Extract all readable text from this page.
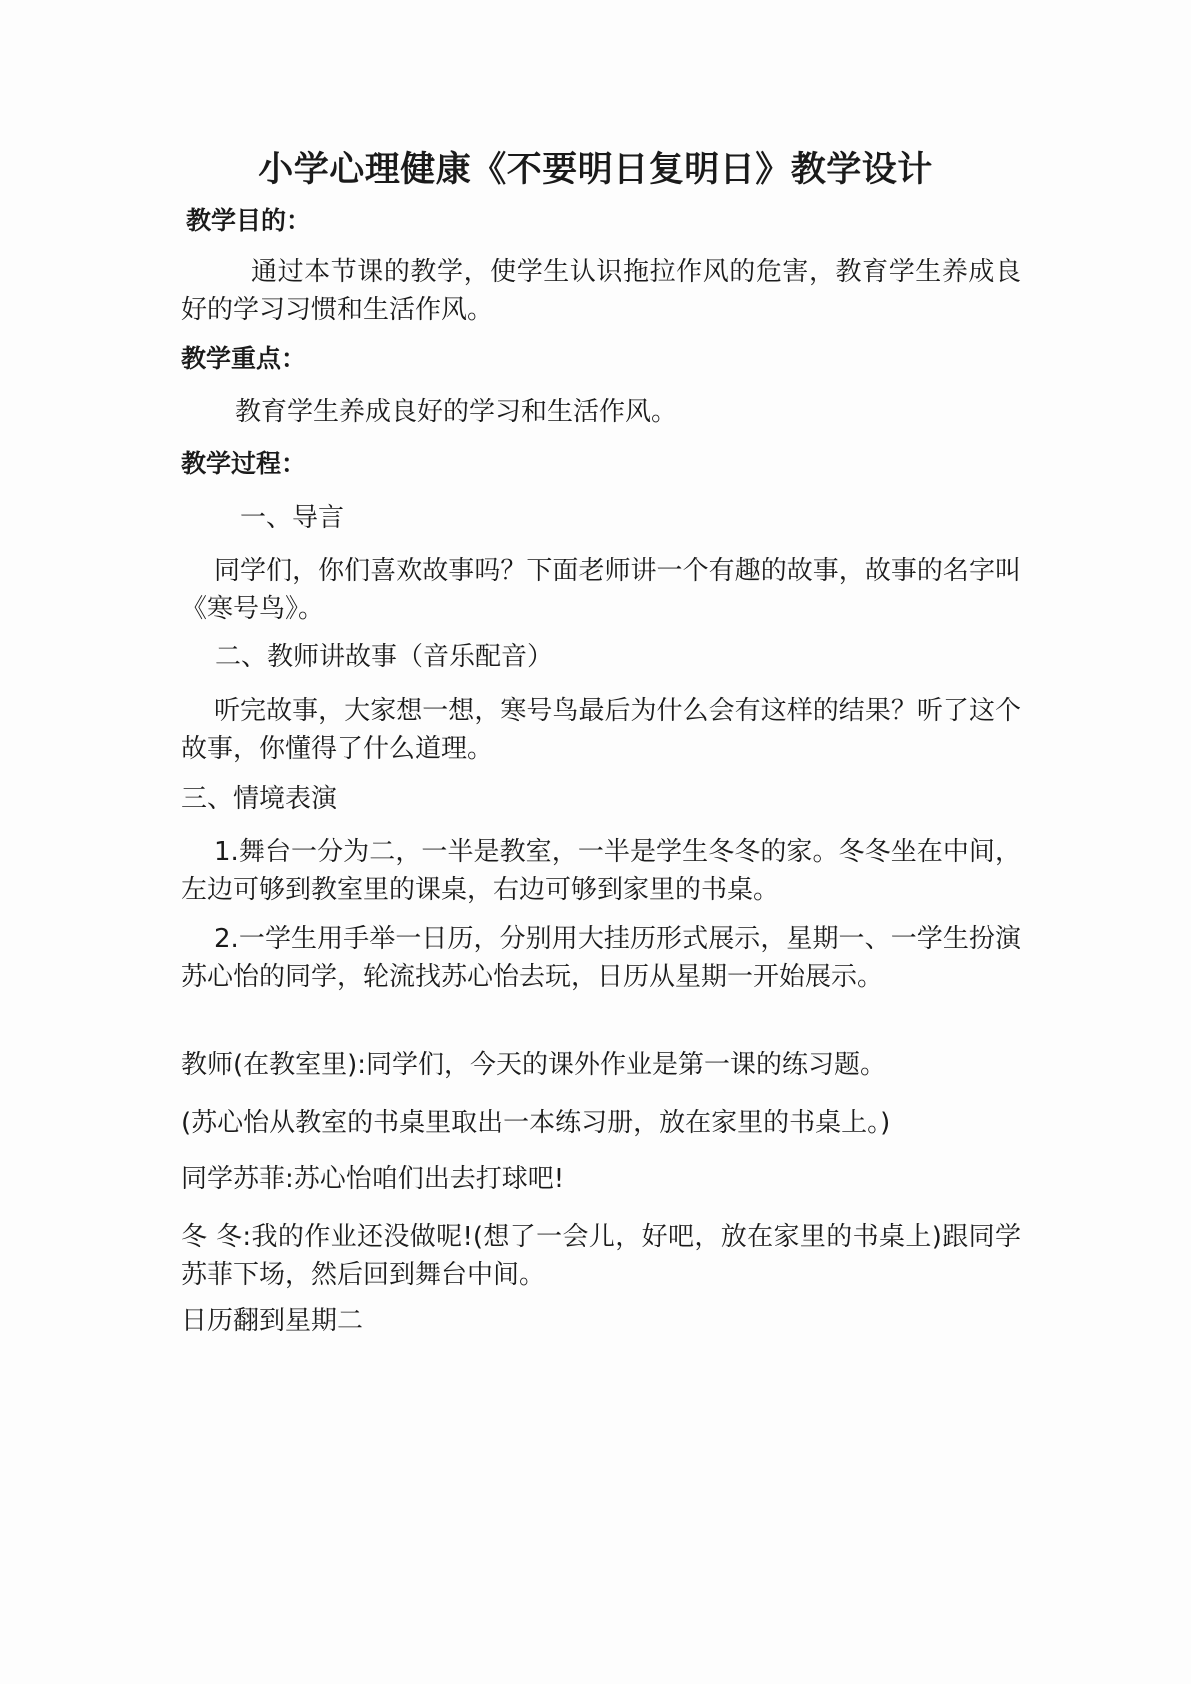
小学心理健康《不要明日复明日》教学设计
教学目的：
通过本节课的教学，使学生认识拖拉作风的危害，教育学生养成良好的学习习惯和生活作风。
教学重点：
教育学生养成良好的学习和生活作风。
教学过程：
一、导言
同学们，你们喜欢故事吗？下面老师讲一个有趣的故事，故事的名字叫《寒号鸟》。
二、教师讲故事（音乐配音）
听完故事，大家想一想，寒号鸟最后为什么会有这样的结果？听了这个故事，你懂得了什么道理。
三、情境表演
1.舞台一分为二，一半是教室，一半是学生冬冬的家。冬冬坐在中间，左边可够到教室里的课桌，右边可够到家里的书桌。
2.一学生用手举一日历，分别用大挂历形式展示，星期一、一学生扮演苏心怡的同学，轮流找苏心怡去玩，日历从星期一开始展示。
教师(在教室里):同学们，今天的课外作业是第一课的练习题。
(苏心怡从教室的书桌里取出一本练习册，放在家里的书桌上。)
同学苏菲:苏心怡咱们出去打球吧!
冬 冬:我的作业还没做呢!(想了一会儿，好吧，放在家里的书桌上)跟同学苏菲下场，然后回到舞台中间。
日历翻到星期二
